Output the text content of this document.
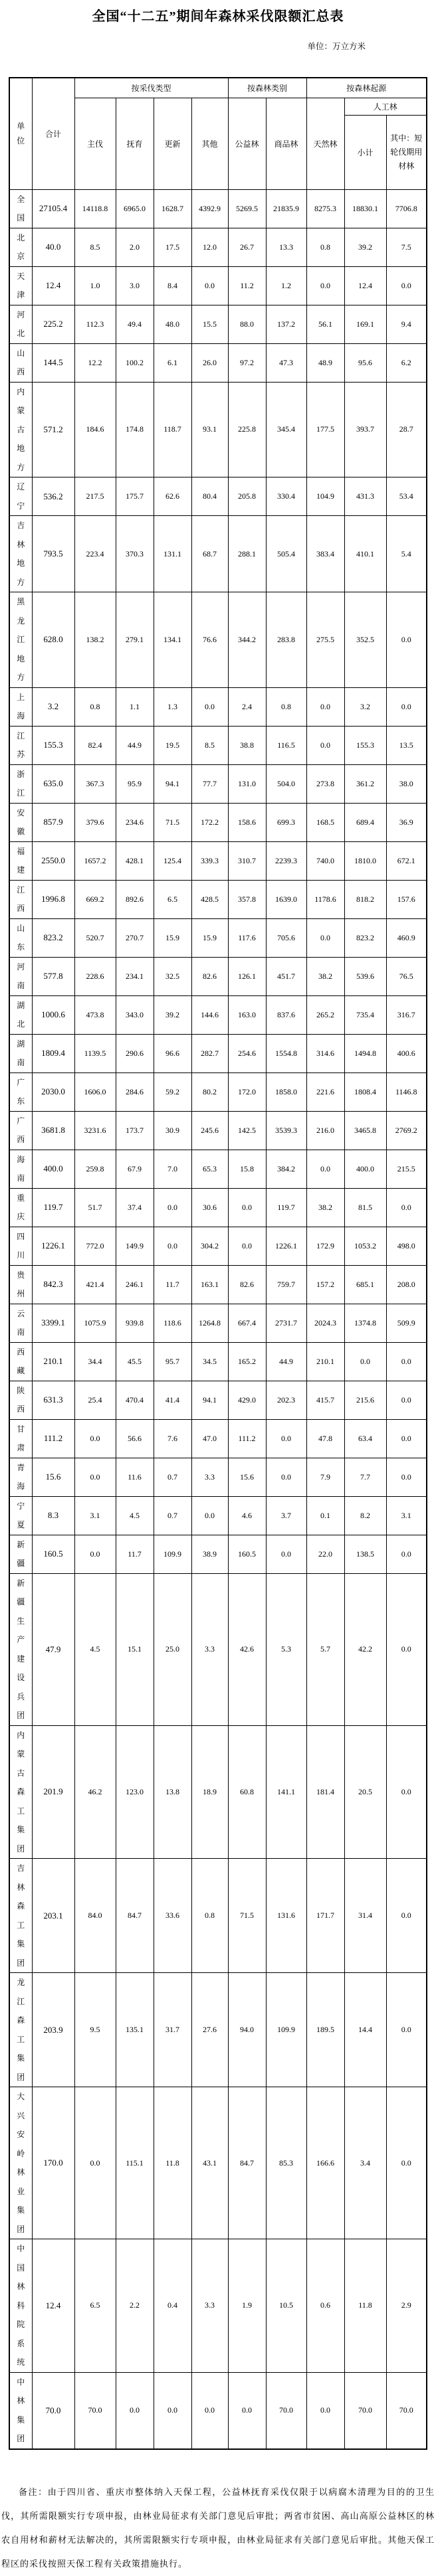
全国“十二五”期间年森林采伐限额汇总表
单位：万立方米
单
位	合计	按采伐类型				按森林类别		按森林起源		
		主伐	抚育	更新	其他	公益林	商品林	天然林	人工林	
									小计	其中：短轮伐期用材林
全
国	27105.4	14118.8	6965.0	1628.7	4392.9	5269.5	21835.9	8275.3	18830.1	7706.8
北
京	40.0	8.5	2.0	17.5	12.0	26.7	13.3	0.8	39.2	7.5
天
津	12.4	1.0	3.0	8.4	0.0	11.2	1.2	0.0	12.4	0.0
河
北	225.2	112.3	49.4	48.0	15.5	88.0	137.2	56.1	169.1	9.4
山
西	144.5	12.2	100.2	6.1	26.0	97.2	47.3	48.9	95.6	6.2
内
蒙
古
地
方	571.2	184.6	174.8	118.7	93.1	225.8	345.4	177.5	393.7	28.7
辽
宁	536.2	217.5	175.7	62.6	80.4	205.8	330.4	104.9	431.3	53.4
吉
林
地
方	793.5	223.4	370.3	131.1	68.7	288.1	505.4	383.4	410.1	5.4
黑
龙
江
地
方	628.0	138.2	279.1	134.1	76.6	344.2	283.8	275.5	352.5	0.0
上
海	3.2	0.8	1.1	1.3	0.0	2.4	0.8	0.0	3.2	0.0
江
苏	155.3	82.4	44.9	19.5	8.5	38.8	116.5	0.0	155.3	13.5
浙
江	635.0	367.3	95.9	94.1	77.7	131.0	504.0	273.8	361.2	38.0
安
徽	857.9	379.6	234.6	71.5	172.2	158.6	699.3	168.5	689.4	36.9
福
建	2550.0	1657.2	428.1	125.4	339.3	310.7	2239.3	740.0	1810.0	672.1
江
西	1996.8	669.2	892.6	6.5	428.5	357.8	1639.0	1178.6	818.2	157.6
山
东	823.2	520.7	270.7	15.9	15.9	117.6	705.6	0.0	823.2	460.9
河
南	577.8	228.6	234.1	32.5	82.6	126.1	451.7	38.2	539.6	76.5
湖
北	1000.6	473.8	343.0	39.2	144.6	163.0	837.6	265.2	735.4	316.7
湖
南	1809.4	1139.5	290.6	96.6	282.7	254.6	1554.8	314.6	1494.8	400.6
广
东	2030.0	1606.0	284.6	59.2	80.2	172.0	1858.0	221.6	1808.4	1146.8
广
西	3681.8	3231.6	173.7	30.9	245.6	142.5	3539.3	216.0	3465.8	2769.2
海
南	400.0	259.8	67.9	7.0	65.3	15.8	384.2	0.0	400.0	215.5
重
庆	119.7	51.7	37.4	0.0	30.6	0.0	119.7	38.2	81.5	0.0
四
川	1226.1	772.0	149.9	0.0	304.2	0.0	1226.1	172.9	1053.2	498.0
贵
州	842.3	421.4	246.1	11.7	163.1	82.6	759.7	157.2	685.1	208.0
云
南	3399.1	1075.9	939.8	118.6	1264.8	667.4	2731.7	2024.3	1374.8	509.9
西
藏	210.1	34.4	45.5	95.7	34.5	165.2	44.9	210.1	0.0	0.0
陕
西	631.3	25.4	470.4	41.4	94.1	429.0	202.3	415.7	215.6	0.0
甘
肃	111.2	0.0	56.6	7.6	47.0	111.2	0.0	47.8	63.4	0.0
青
海	15.6	0.0	11.6	0.7	3.3	15.6	0.0	7.9	7.7	0.0
宁
夏	8.3	3.1	4.5	0.7	0.0	4.6	3.7	0.1	8.2	3.1
新
疆	160.5	0.0	11.7	109.9	38.9	160.5	0.0	22.0	138.5	0.0
新
疆
生
产
建
设
兵
团	47.9	4.5	15.1	25.0	3.3	42.6	5.3	5.7	42.2	0.0
内
蒙
古
森
工
集
团	201.9	46.2	123.0	13.8	18.9	60.8	141.1	181.4	20.5	0.0
吉
林
森
工
集
团	203.1	84.0	84.7	33.6	0.8	71.5	131.6	171.7	31.4	0.0
龙
江
森
工
集
团	203.9	9.5	135.1	31.7	27.6	94.0	109.9	189.5	14.4	0.0
大
兴
安
岭
林
业
集
团	170.0	0.0	115.1	11.8	43.1	84.7	85.3	166.6	3.4	0.0
中
国
林
科
院
系
统	12.4	6.5	2.2	0.4	3.3	1.9	10.5	0.6	11.8	2.9
中
林
集
团	70.0	70.0	0.0	0.0	0.0	0.0	70.0	0.0	70.0	70.0
备注：由于四川省、重庆市整体纳入天保工程，公益林抚育采伐仅限于以病腐木清理为目的的卫生伐，其所需限额实行专项申报，由林业局征求有关部门意见后审批；两省市贫困、高山高原公益林区的林农自用材和薪材无法解决的，其所需限额实行专项申报，由林业局征求有关部门意见后审批。其他天保工程区的采伐按照天保工程有关政策措施执行。
